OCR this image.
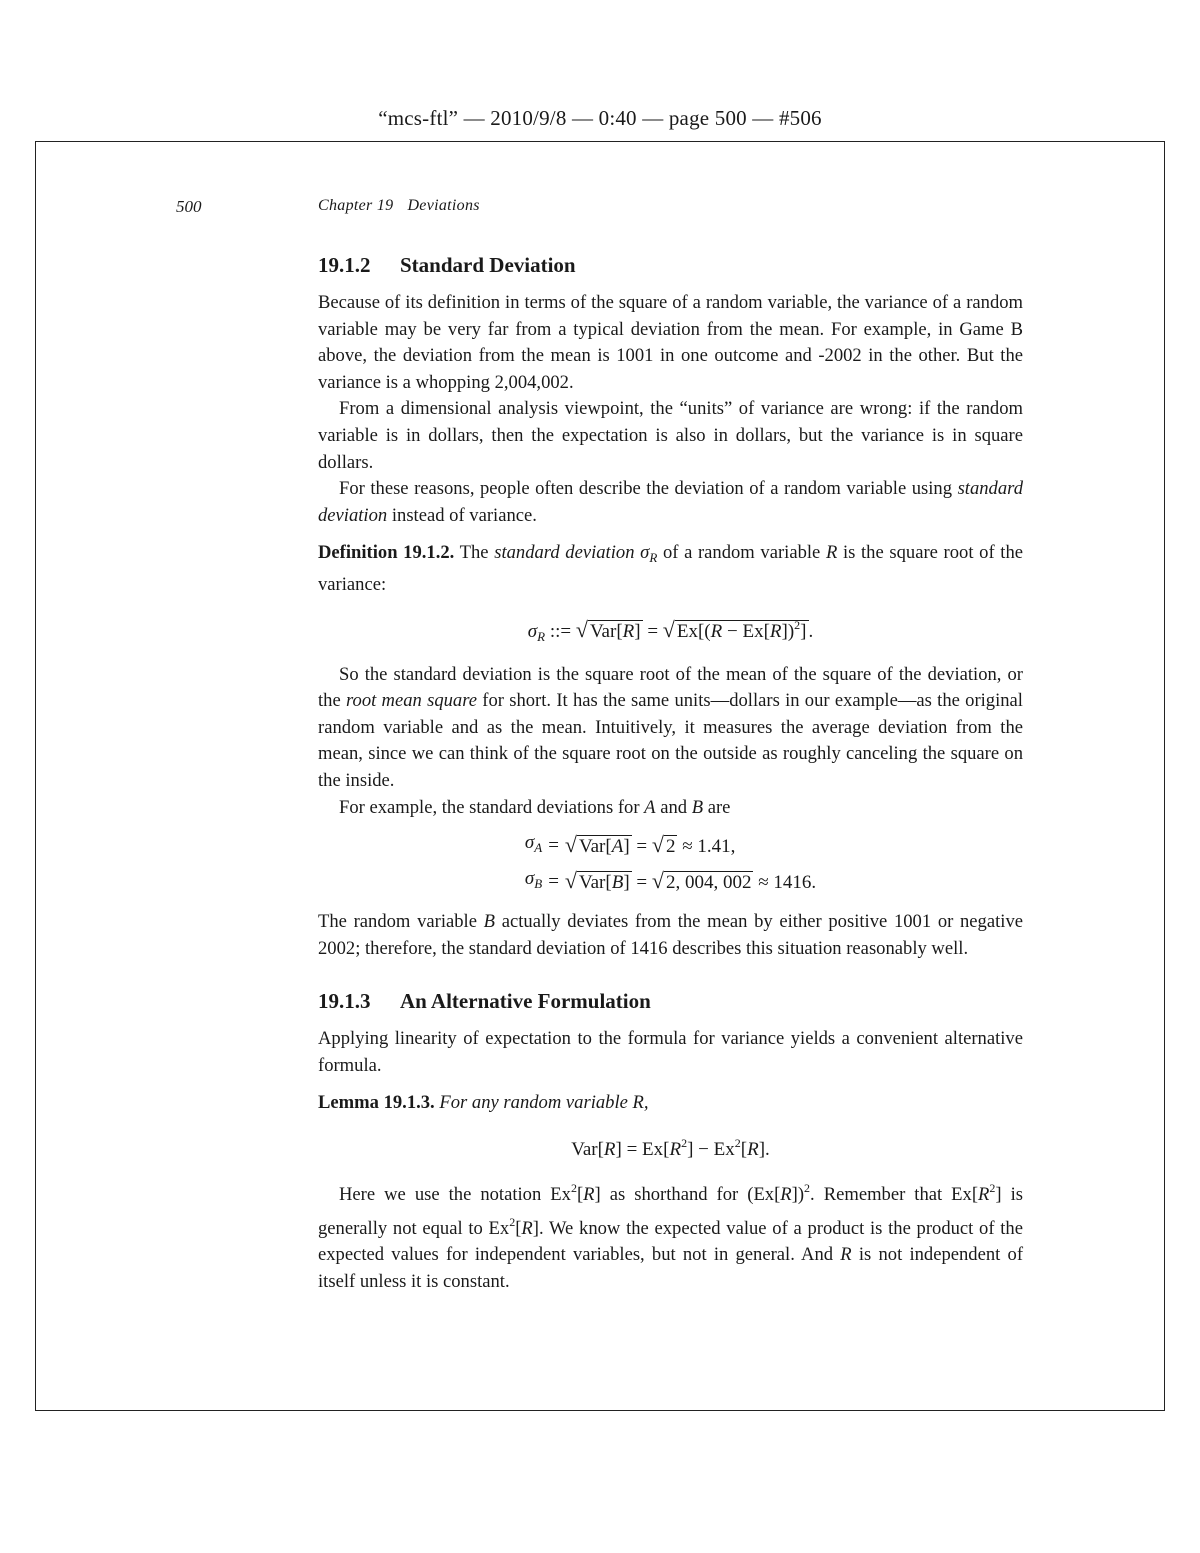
“mcs-ftl” — 2010/9/8 — 0:40 — page 500 — #506
500	Chapter 19 Deviations
19.1.2 Standard Deviation

Because of its definition in terms of the square of a random variable, the variance of a random variable may be very far from a typical deviation from the mean. For example, in Game B above, the deviation from the mean is 1001 in one outcome and -2002 in the other. But the variance is a whopping 2,004,002.

From a dimensional analysis viewpoint, the “units” of variance are wrong: if the random variable is in dollars, then the expectation is also in dollars, but the variance is in square dollars.

For these reasons, people often describe the deviation of a random variable using standard deviation instead of variance.

Definition 19.1.2. The standard deviation $\sigma_R$ of a random variable R is the square root of the variance:

$\sigma_R$ ::= √ Var[R] = √ $Ex[(R - Ex[R])^2]$ .

So the standard deviation is the square root of the mean of the square of the deviation, or the root mean square for short. It has the same units—dollars in our example—as the original random variable and as the mean. Intuitively, it measures the average deviation from the mean, since we can think of the square root on the outside as roughly canceling the square on the inside.

For example, the standard deviations for A and B are

$\sigma_A$	=	√ Var[A] = √ 2 ≈ 1.41,
$\sigma_B$	=	√ Var[B] = √ 2, 004, 002 ≈ 1416.

The random variable B actually deviates from the mean by either positive 1001 or negative 2002; therefore, the standard deviation of 1416 describes this situation reasonably well.

19.1.3 An Alternative Formulation

Applying linearity of expectation to the formula for variance yields a convenient alternative formula.

Lemma 19.1.3. For any random variable R,

$Var[R] = Ex[R^2] - Ex^2[R]$.

Here we use the notation Ex$^2$[R] as shorthand for $(Ex[R])^2$. Remember that $Ex[R^2]$ is generally not equal to Ex$^2$[R]. We know the expected value of a product is the product of the expected values for independent variables, but not in general. And R is not independent of itself unless it is constant.
